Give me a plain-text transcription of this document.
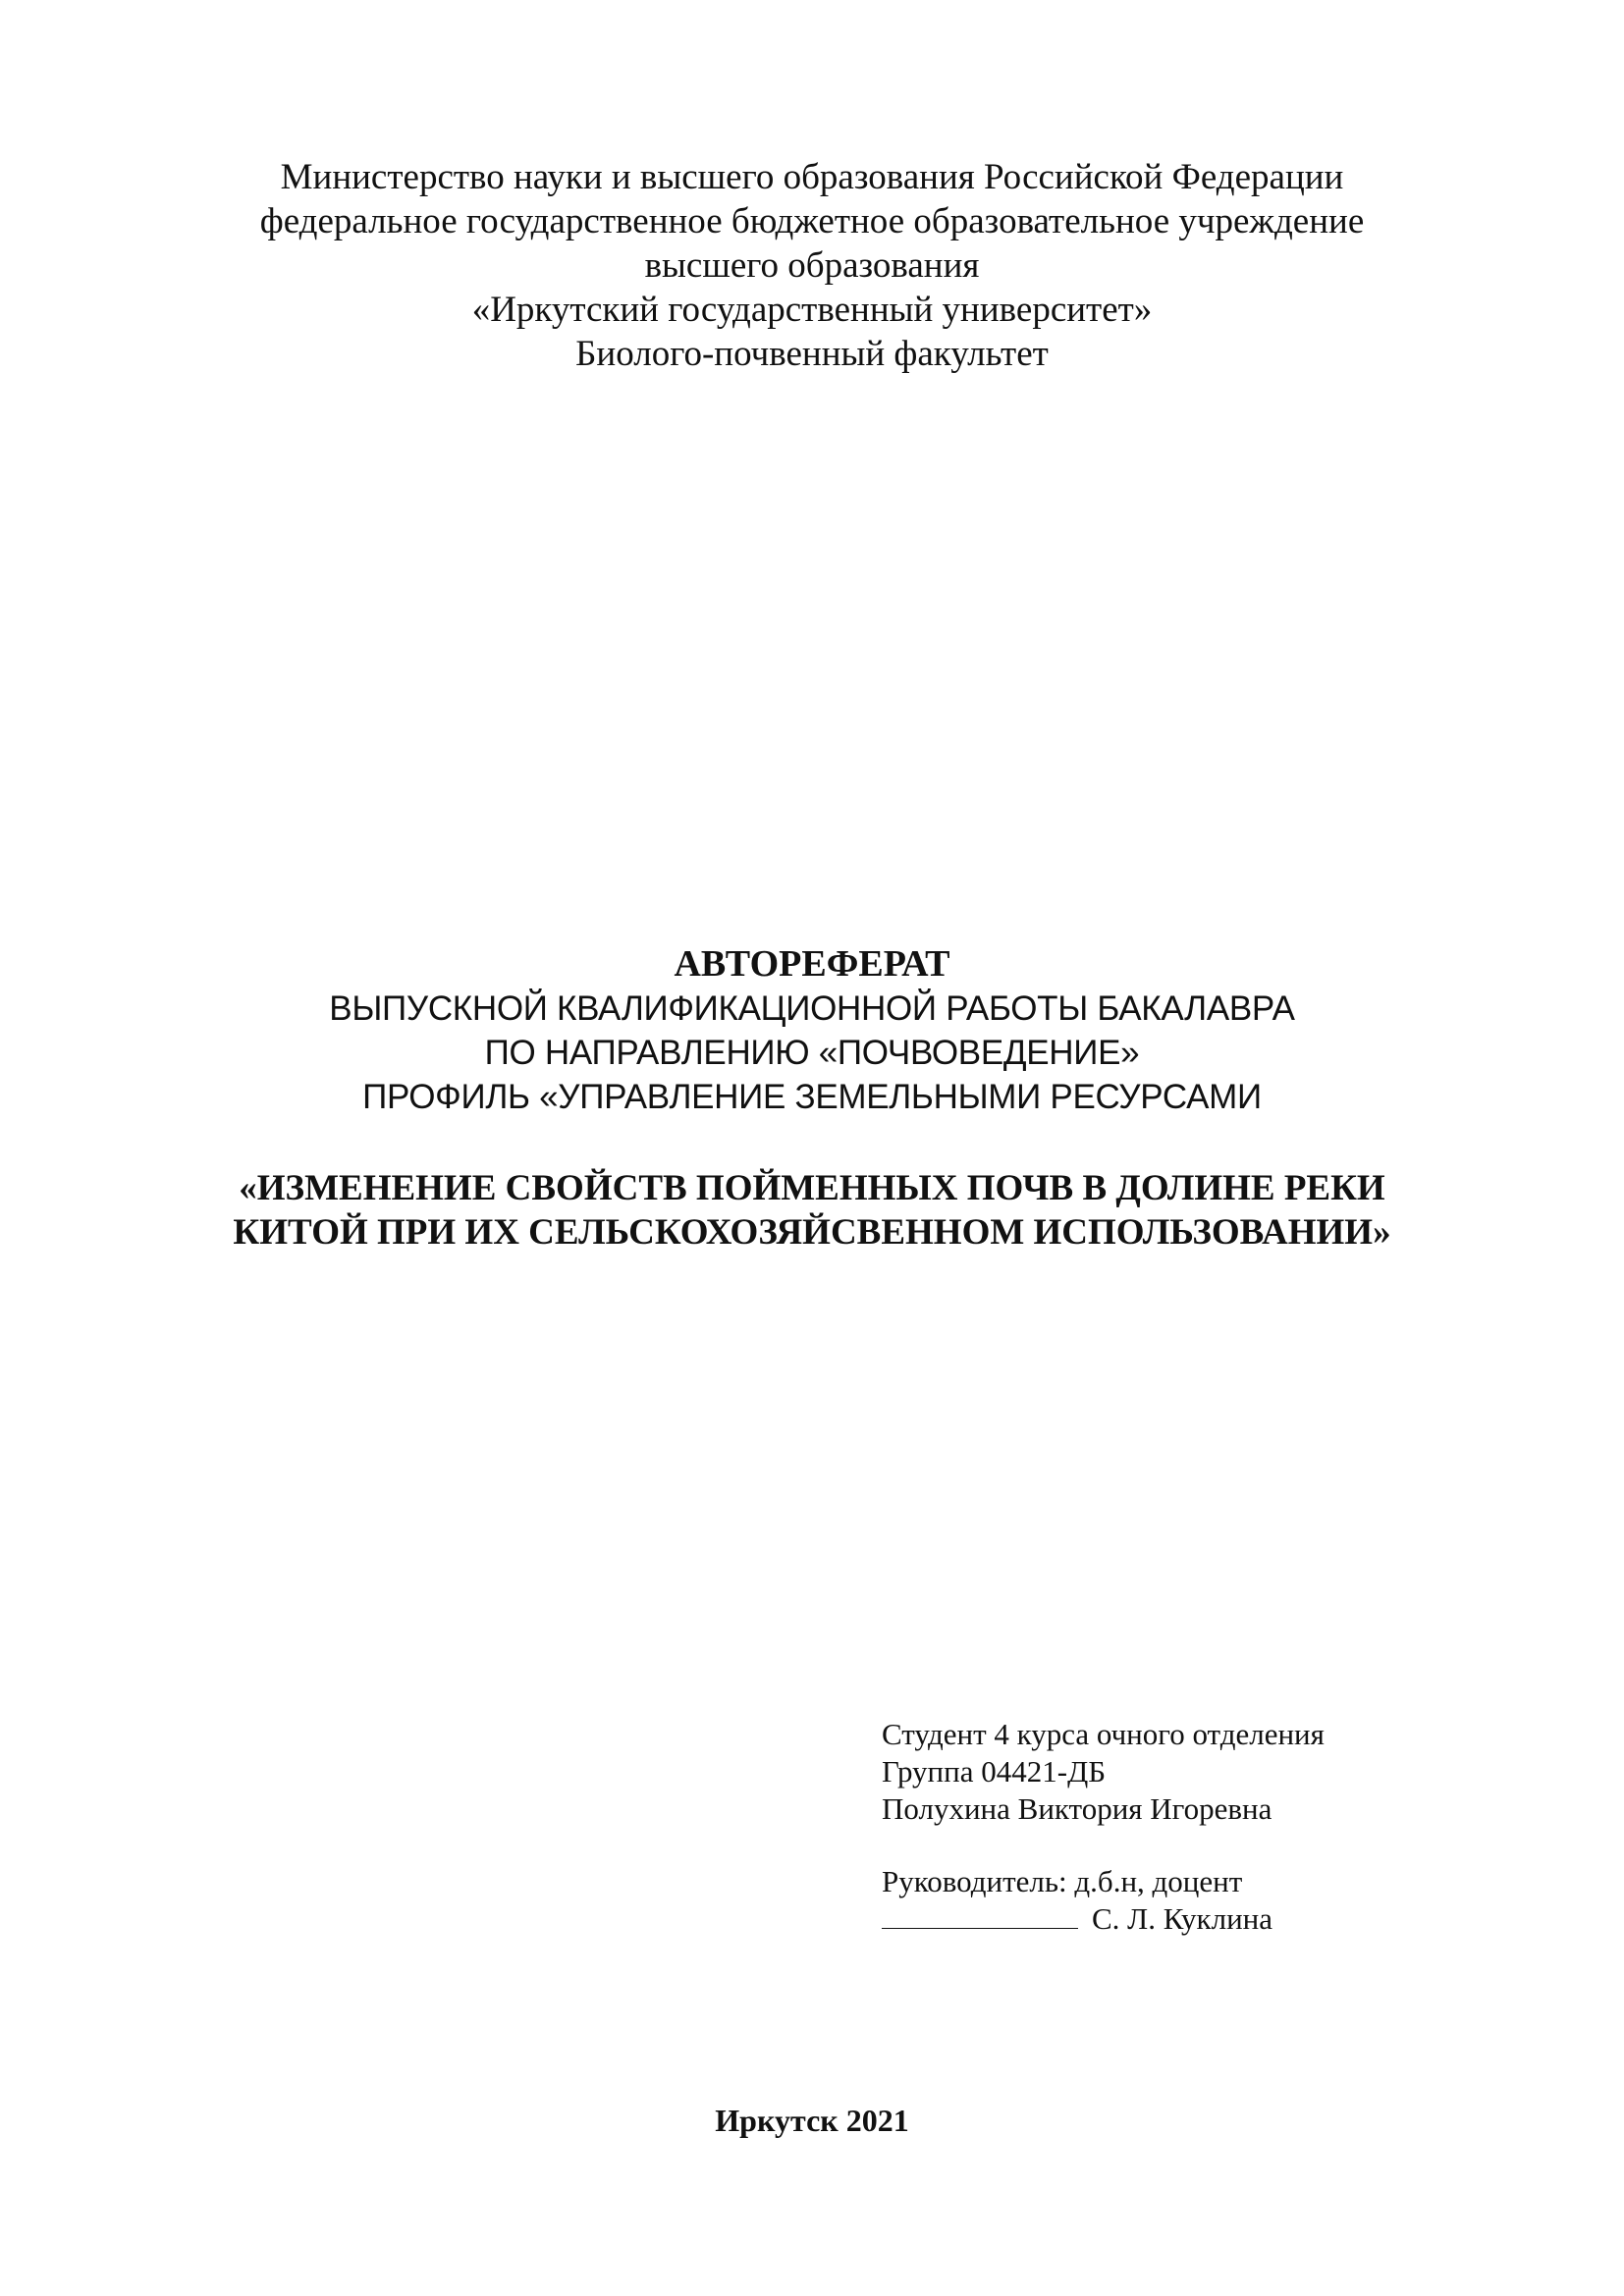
Министерство науки и высшего образования Российской Федерации
федеральное государственное бюджетное образовательное учреждение
высшего образования
«Иркутский государственный университет»
Биолого-почвенный факультет
АВТОРЕФЕРАТ
ВЫПУСКНОЙ КВАЛИФИКАЦИОННОЙ РАБОТЫ БАКАЛАВРА
ПО НАПРАВЛЕНИЮ «ПОЧВОВЕДЕНИЕ»
ПРОФИЛЬ «УПРАВЛЕНИЕ ЗЕМЕЛЬНЫМИ РЕСУРСАМИ
«ИЗМЕНЕНИЕ СВОЙСТВ ПОЙМЕННЫХ ПОЧВ В ДОЛИНЕ РЕКИ
КИТОЙ ПРИ ИХ СЕЛЬСКОХОЗЯЙСВЕННОМ ИСПОЛЬЗОВАНИИ»
Студент 4 курса очного отделения
Группа 04421-ДБ
Полухина Виктория Игоревна
Руководитель: д.б.н, доцент
С. Л. Куклина
Иркутск 2021
